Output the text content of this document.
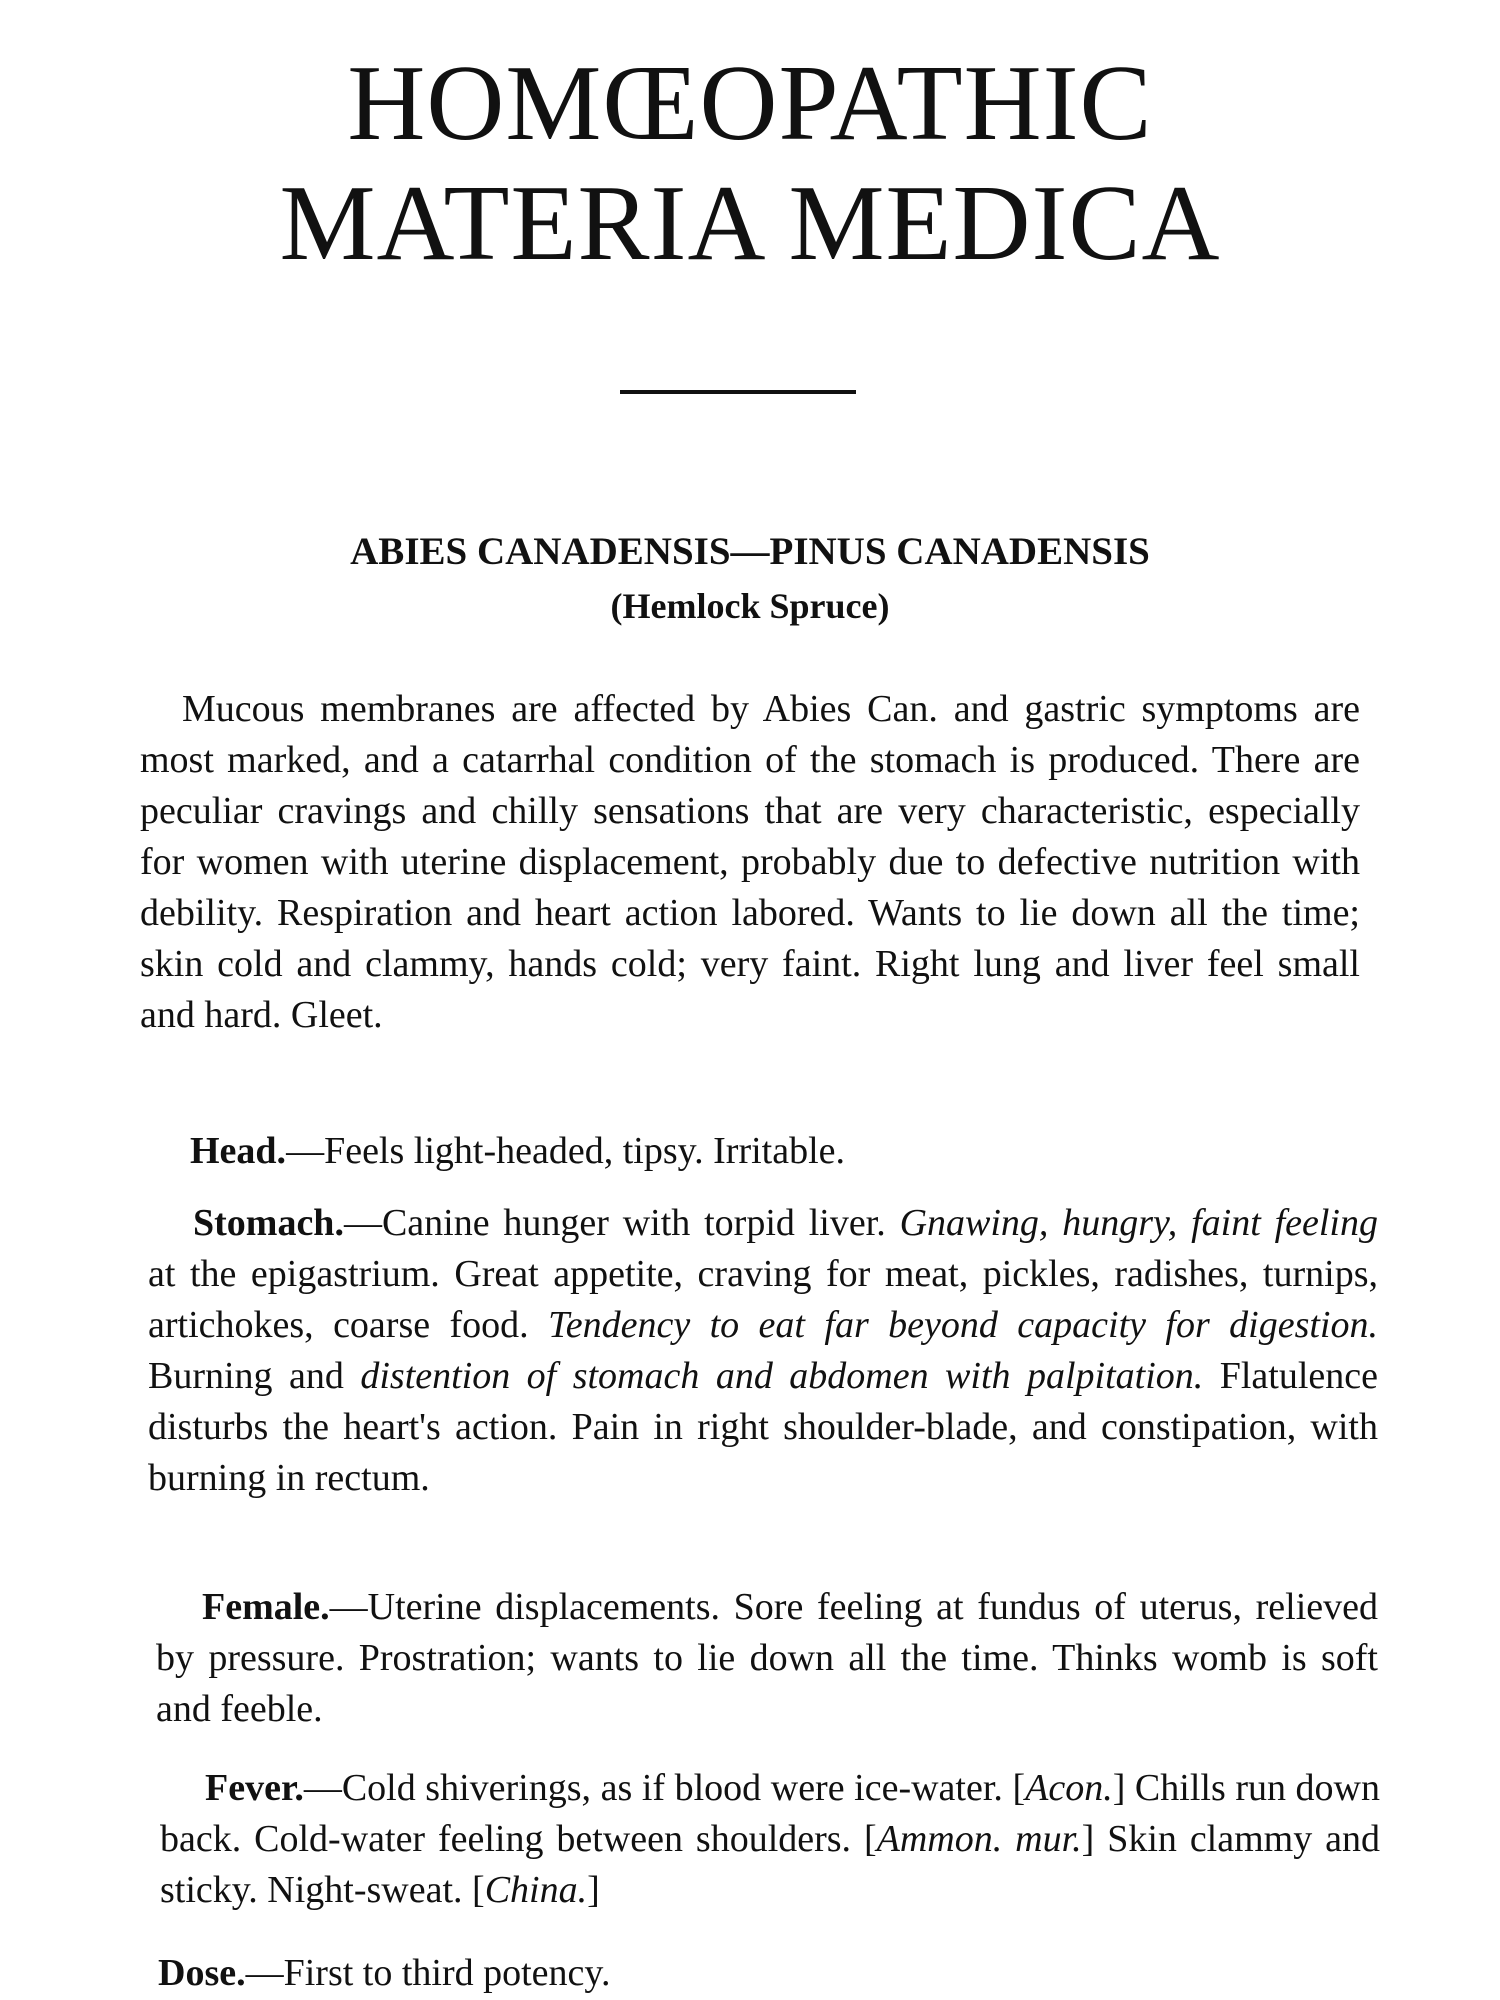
HOMŒOPATHIC
MATERIA MEDICA
ABIES CANADENSIS—PINUS CANADENSIS
(Hemlock Spruce)

Mucous membranes are affected by Abies Can. and gastric symptoms are most marked, and a catarrhal condition of the stomach is produced. There are peculiar cravings and chilly sensations that are very characteristic, especially for women with uterine displacement, probably due to defective nutrition with debility. Respiration and heart action labored. Wants to lie down all the time; skin cold and clammy, hands cold; very faint. Right lung and liver feel small and hard. Gleet.

Head.—Feels light-headed, tipsy. Irritable.

Stomach.—Canine hunger with torpid liver. Gnawing, hungry, faint feeling at the epigastrium. Great appetite, craving for meat, pickles, radishes, turnips, artichokes, coarse food. Tendency to eat far beyond capacity for digestion. Burning and distention of stomach and abdomen with palpitation. Flatulence disturbs the heart's action. Pain in right shoulder-blade, and constipation, with burning in rectum.

Female.—Uterine displacements. Sore feeling at fundus of uterus, relieved by pressure. Prostration; wants to lie down all the time. Thinks womb is soft and feeble.

Fever.—Cold shiverings, as if blood were ice-water. [Acon.] Chills run down back. Cold-water feeling between shoulders. [Ammon. mur.] Skin clammy and sticky. Night-sweat. [China.]

Dose.—First to third potency.
